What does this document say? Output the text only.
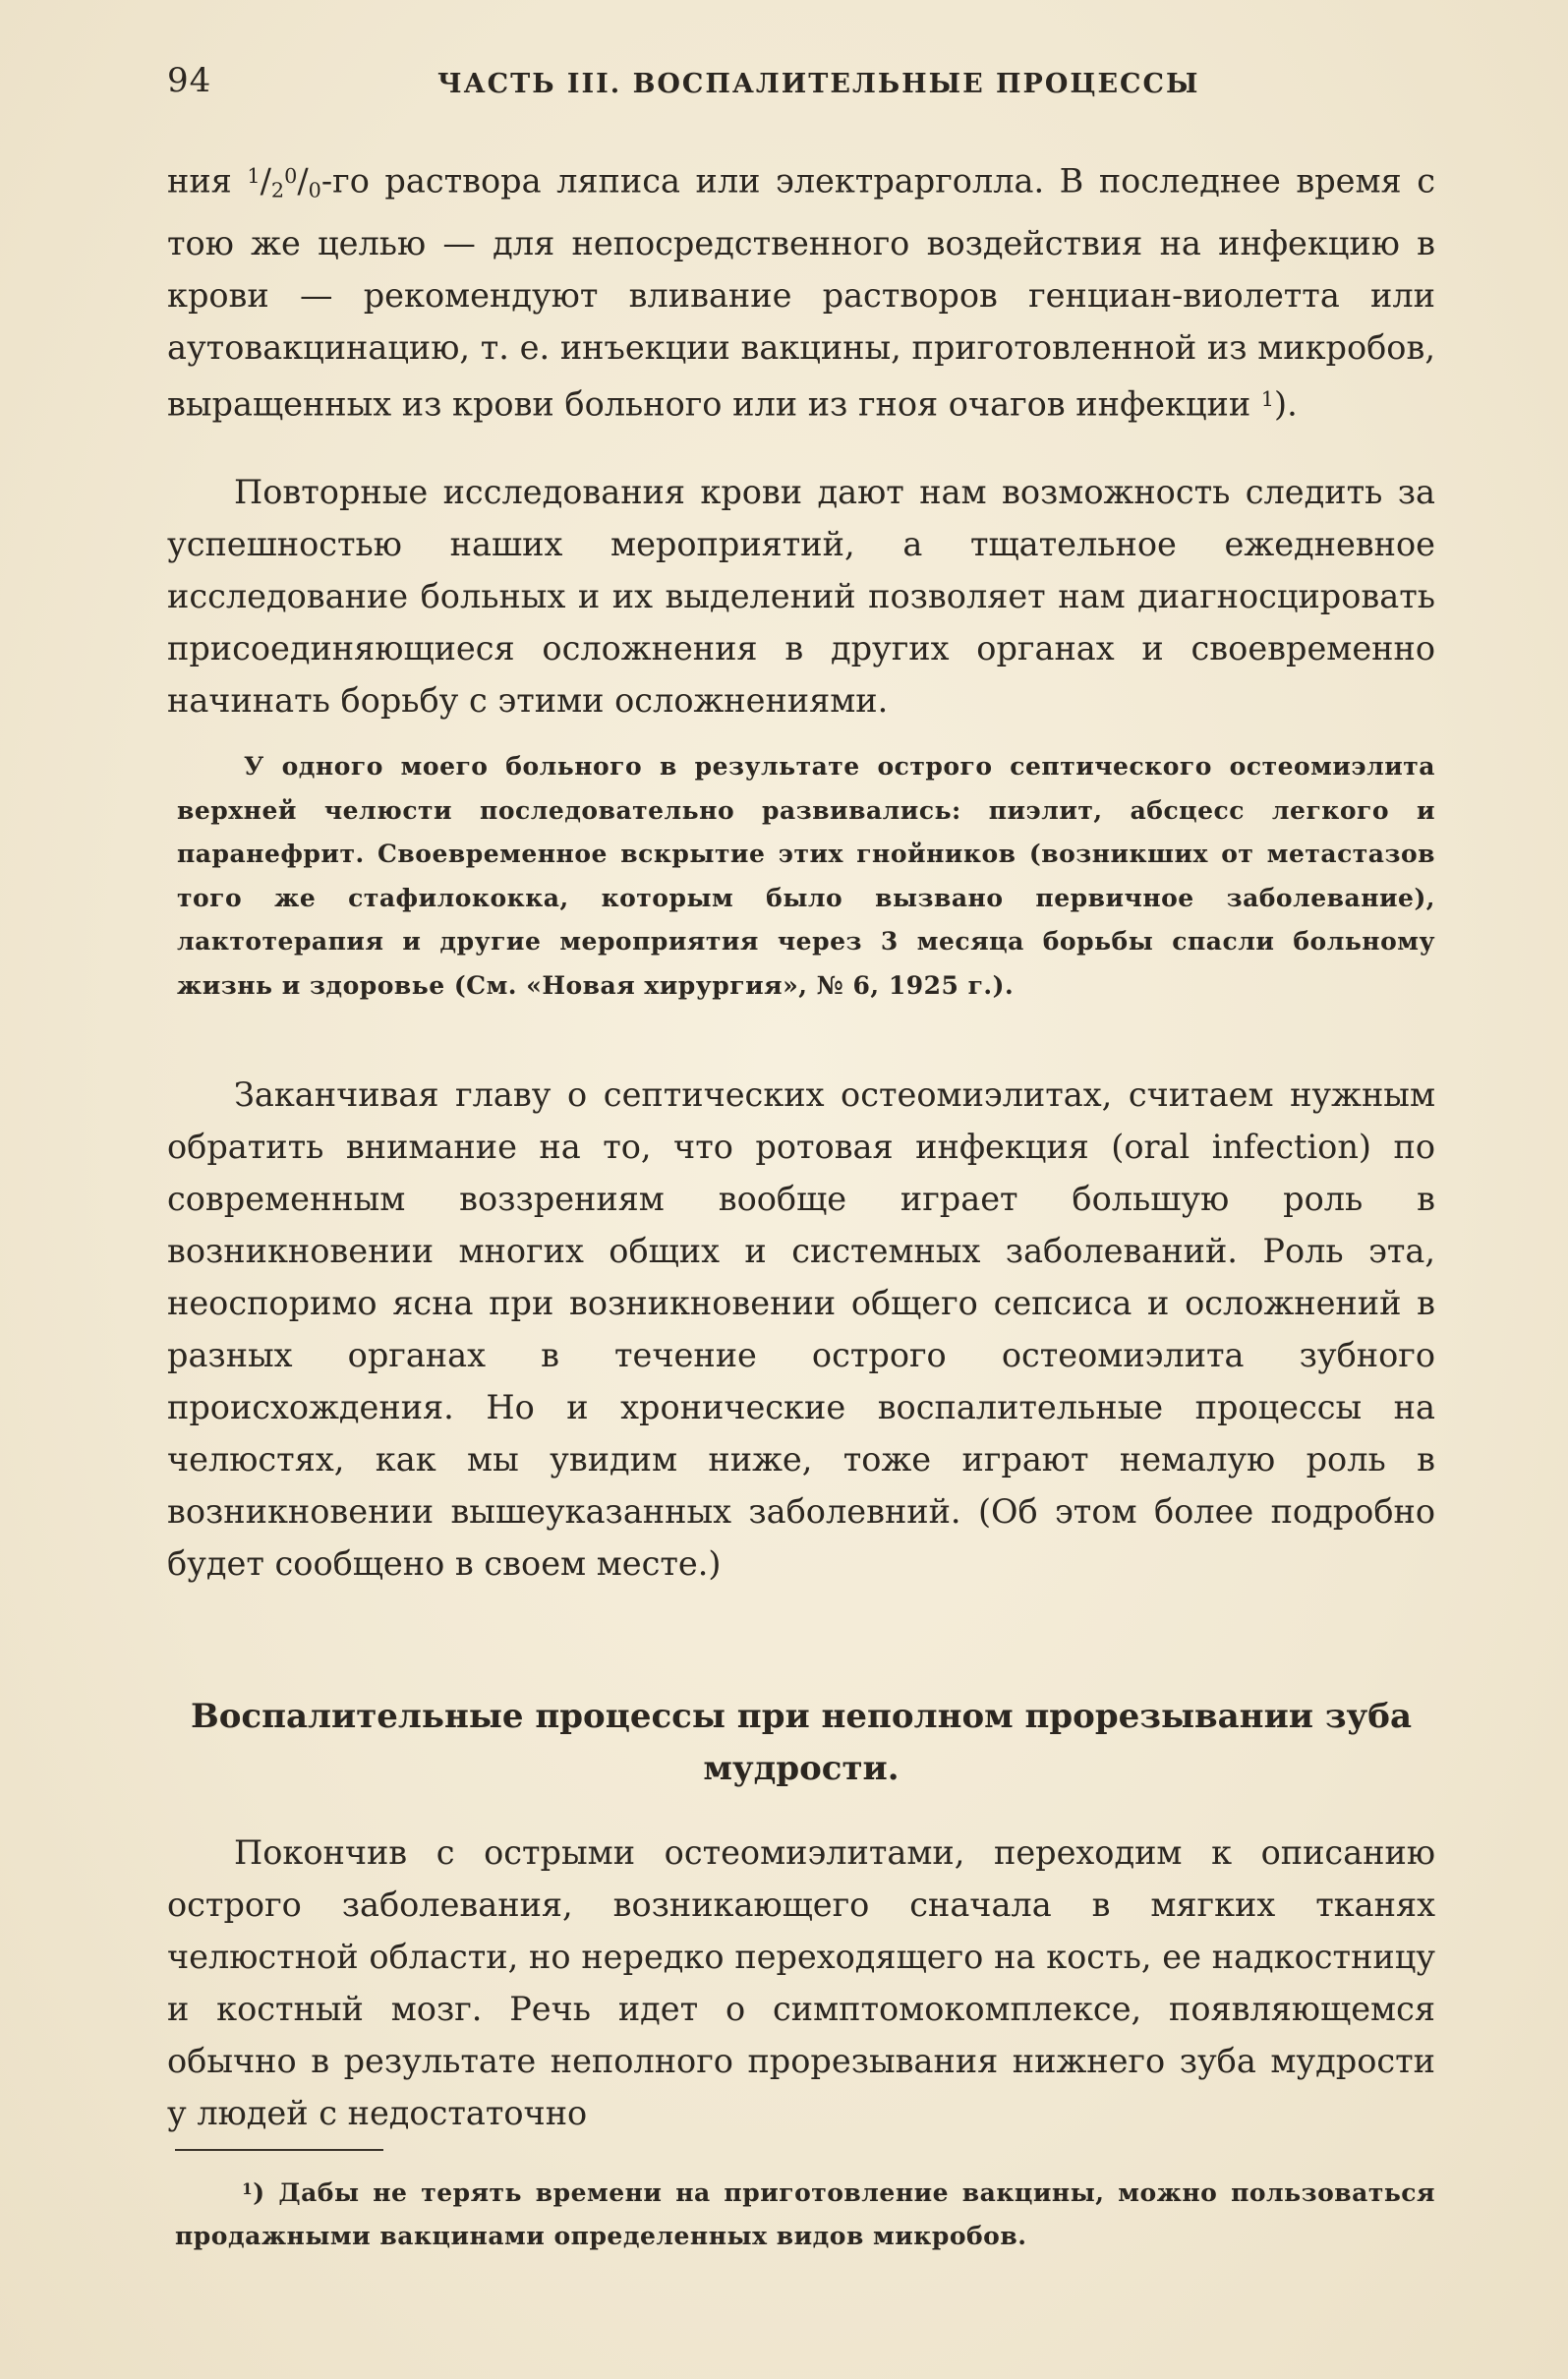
94	ЧАСТЬ III. ВОСПАЛИТЕЛЬНЫЕ ПРОЦЕССЫ
ния $^1/2^0/0-го$ раствора ляписа или электрарголла. В последнее время с тою же целью — для непосредственного воздействия на инфекцию в крови — рекомендуют вливание растворов генциан-виолетта или аутовакцинацию, т. е. инъекции вакцины, приготовленной из микробов, выращенных из крови больного или из гноя очагов инфекции $^1$).
Повторные исследования крови дают нам возможность следить за успешностью наших мероприятий, а тщательное ежедневное исследование больных и их выделений позволяет нам диагносцировать присоединяющиеся осложнения в других органах и своевременно начинать борьбу с этими осложнениями.
У одного моего больного в результате острого септического остеомиэлита верхней челюсти последовательно развивались: пиэлит, абсцесс легкого и паранефрит. Своевременное вскрытие этих гнойников (возникших от метастазов того же стафилококка, которым было вызвано первичное заболевание), лактотерапия и другие мероприятия через 3 месяца борьбы спасли больному жизнь и здоровье (См. «Новая хирургия», № 6, 1925 г.).
Заканчивая главу о септических остеомиэлитах, считаем нужным обратить внимание на то, что ротовая инфекция (oral infection) по современным воззрениям вообще играет большую роль в возникновении многих общих и системных заболеваний. Роль эта, неоспоримо ясна при возникновении общего сепсиса и осложнений в разных органах в течение острого остеомиэлита зубного происхождения. Но и хронические воспалительные процессы на челюстях, как мы увидим ниже, тоже играют немалую роль в возникновении вышеуказанных заболевний. (Об этом более подробно будет сообщено в своем месте.)
Воспалительные процессы при неполном прорезывании зуба мудрости.
Покончив с острыми остеомиэлитами, переходим к описанию острого заболевания, возникающего сначала в мягких тканях челюстной области, но нередко переходящего на кость, ее надкостницу и костный мозг. Речь идет о симптомокомплексе, появляющемся обычно в результате неполного прорезывания нижнего зуба мудрости у людей с недостаточно
$^1$) Дабы не терять времени на приготовление вакцины, можно пользоваться продажными вакцинами определенных видов микробов.
